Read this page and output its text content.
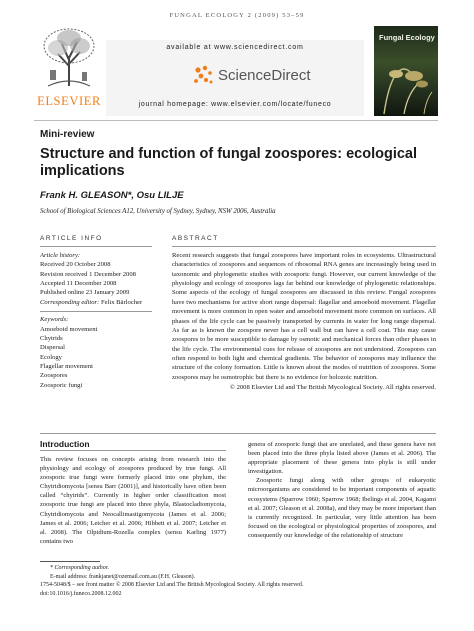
FUNGAL ECOLOGY 2 (2009) 53–59
ELSEVIER
available at www.sciencedirect.com
ScienceDirect
journal homepage: www.elsevier.com/locate/funeco
Fungal Ecology
Mini-review
Structure and function of fungal zoospores: ecological implications
Frank H. GLEASON*, Osu LILJE
School of Biological Sciences A12, University of Sydney, Sydney, NSW 2006, Australia
ARTICLE INFO	ABSTRACT
Article history:
Received 20 October 2008
Revision received 1 December 2008
Accepted 11 December 2008
Published online 23 January 2009
Corresponding editor: Felix Bärlocher
Keywords:
Amoeboid movement
Chytrids
Dispersal
Ecology
Flagellar movement
Zoospores
Zoosporic fungi

Recent research suggests that fungal zoospores have important roles in ecosystems. Ultrastructural characteristics of zoospores and sequences of ribosomal RNA genes are increasingly being used in taxonomic and phylogenetic studies with zoosporic fungi. However, our current knowledge of the physiology and ecology of zoospores lags far behind our knowledge of phylogenetic relationships. Some aspects of the ecology of fungal zoospores are discussed in this review. Fungal zoospores have two mechanisms for active short range dispersal: flagellar and amoeboid movement. Flagellar movement is more common in open water and amoeboid movement more common on surfaces. All phases of the life cycle can be passively transported by currents in water for long range dispersal. As far as is known the zoospore never has a cell wall but can have a cell coat. This may cause zoospores to be more susceptible to damage by osmotic and mechanical forces than other phases in the life cycle. The environmental cues for release of zoospores are not understood. Zoospores can often respond to both light and chemical gradients. The behavior of zoospores may influence the structure of the colony formation. Little is known about the modes of nutrition of zoospores. Some zoospores may be osmotrophic but there is no evidence for holozoic nutrition.

© 2008 Elsevier Ltd and The British Mycological Society. All rights reserved.

Introduction

This review focuses on concepts arising from research into the physiology and ecology of zoospores produced by true fungi. All zoosporic true fungi were formerly placed into one phylum, the Chytridiomycota [sensu Barr (2001)], and historically have often been called “chytrids”. Currently in higher order classification most zoosporic true fungi are placed into three phyla, Blastocladiomycota, Chytridiomycota and Neocallimastigomycota (James et al. 2006; James et al. 2006; Letcher et al. 2006; Hibbett et al. 2007; Letcher et al. 2008). The Olpidium-Rozella complex (sensu Karling 1977) contains two

genera of zoosporic fungi that are unrelated, and these genera have not been placed into the three phyla listed above (James et al. 2006). The appropriate placement of these genera into phyla is still under investigation.

Zoosporic fungi along with other groups of eukaryotic microorganisms are considered to be important components of aquatic ecosystems (Sparrow 1960; Sparrow 1968; Ibelings et al. 2004, Kagami et al. 2007; Gleason et al. 2008a), and they may be more important than is currently recognized. In particular, very little attention has been focused on the ecological or physiological properties of zoospores, and consequently our knowledge of the relationship of structure

* Corresponding author.
E-mail address: frankjanet@ozemail.com.au (F.H. Gleason).
1754-5048/$ – see front matter © 2008 Elsevier Ltd and The British Mycological Society. All rights reserved.
doi:10.1016/j.funeco.2008.12.002
